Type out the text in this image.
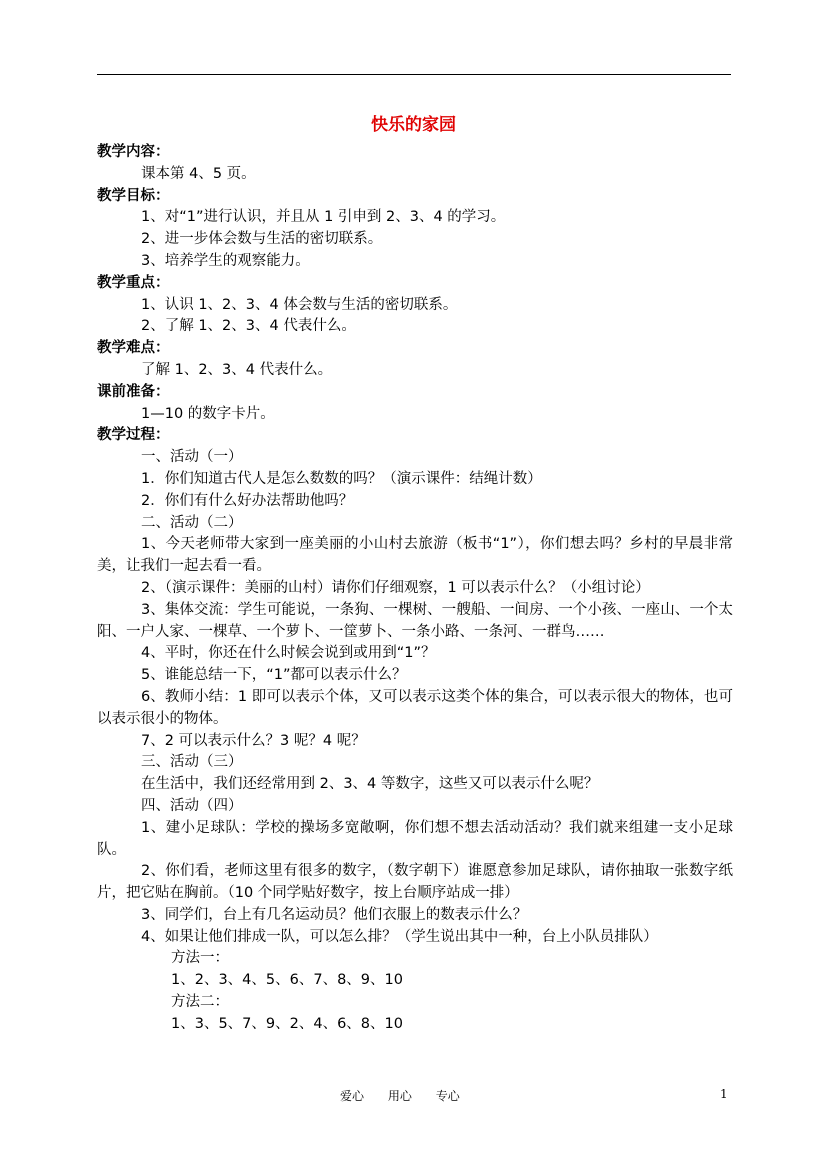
快乐的家园

教学内容：

课本第 4、5 页。

教学目标：

1、对“1”进行认识，并且从 1 引申到 2、3、4 的学习。

2、进一步体会数与生活的密切联系。

3、培养学生的观察能力。

教学重点：

1、认识 1、2、3、4 体会数与生活的密切联系。

2、了解 1、2、3、4 代表什么。

教学难点：

了解 1、2、3、4 代表什么。

课前准备：

1—10 的数字卡片。

教学过程：

一、活动（一）

1．你们知道古代人是怎么数数的吗？（演示课件：结绳计数）

2．你们有什么好办法帮助他吗？

二、活动（二）

1、今天老师带大家到一座美丽的小山村去旅游（板书“1”），你们想去吗？乡村的早晨非常美，让我们一起去看一看。

2、（演示课件：美丽的山村）请你们仔细观察，1 可以表示什么？（小组讨论）

3、集体交流：学生可能说，一条狗、一棵树、一艘船、一间房、一个小孩、一座山、一个太阳、一户人家、一棵草、一个萝卜、一筐萝卜、一条小路、一条河、一群鸟……

4、平时，你还在什么时候会说到或用到“1”？

5、谁能总结一下，“1”都可以表示什么？

6、教师小结：1 即可以表示个体，又可以表示这类个体的集合，可以表示很大的物体，也可以表示很小的物体。

7、2 可以表示什么？3 呢？4 呢？

三、活动（三）

在生活中，我们还经常用到 2、3、4 等数字，这些又可以表示什么呢？

四、活动（四）

1、建小足球队：学校的操场多宽敞啊，你们想不想去活动活动？我们就来组建一支小足球队。

2、你们看，老师这里有很多的数字，（数字朝下）谁愿意参加足球队，请你抽取一张数字纸片，把它贴在胸前。（10 个同学贴好数字，按上台顺序站成一排）

3、同学们，台上有几名运动员？他们衣服上的数表示什么？

4、如果让他们排成一队，可以怎么排？（学生说出其中一种，台上小队员排队）

方法一：

1、2、3、4、5、6、7、8、9、10

方法二：

1、3、5、7、9、2、4、6、8、10

爱心 用心 专心	1
